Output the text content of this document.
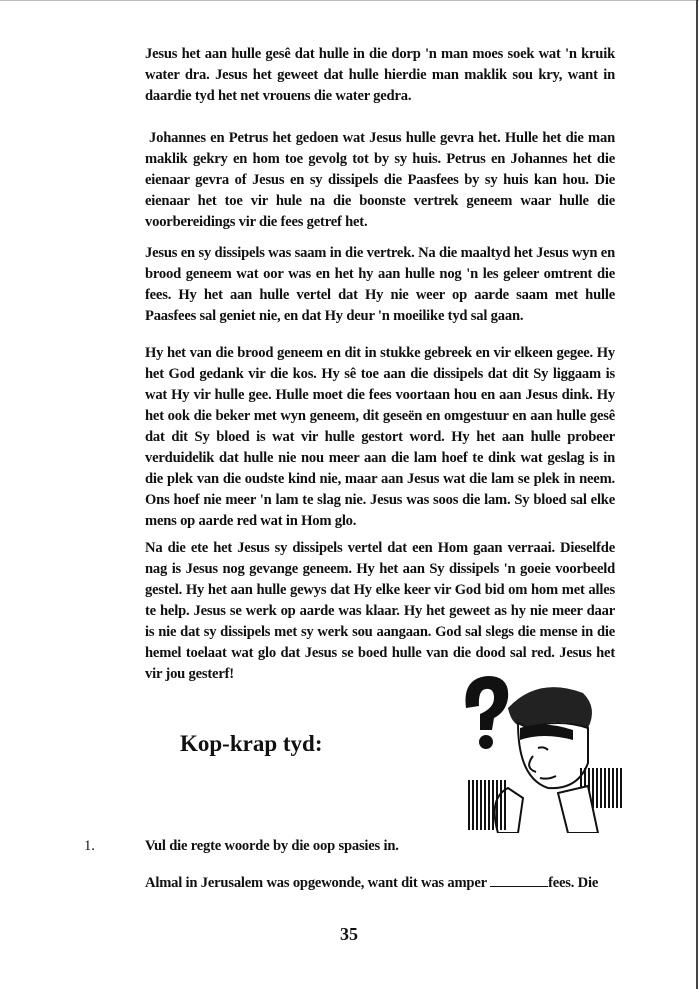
Jesus het aan hulle gesê dat hulle in die dorp 'n man moes soek wat 'n kruik water dra. Jesus het geweet dat hulle hierdie man maklik sou kry, want in daardie tyd het net vrouens die water gedra.

Johannes en Petrus het gedoen wat Jesus hulle gevra het. Hulle het die man maklik gekry en hom toe gevolg tot by sy huis. Petrus en Johannes het die eienaar gevra of Jesus en sy dissipels die Paasfees by sy huis kan hou. Die eienaar het toe vir hule na die boonste vertrek geneem waar hulle die voorbereidings vir die fees getref het.

Jesus en sy dissipels was saam in die vertrek. Na die maaltyd het Jesus wyn en brood geneem wat oor was en het hy aan hulle nog 'n les geleer omtrent die fees. Hy het aan hulle vertel dat Hy nie weer op aarde saam met hulle Paasfees sal geniet nie, en dat Hy deur 'n moeilike tyd sal gaan.

Hy het van die brood geneem en dit in stukke gebreek en vir elkeen gegee. Hy het God gedank vir die kos. Hy sê toe aan die dissipels dat dit Sy liggaam is wat Hy vir hulle gee. Hulle moet die fees voortaan hou en aan Jesus dink. Hy het ook die beker met wyn geneem, dit geseën en omgestuur en aan hulle gesê dat dit Sy bloed is wat vir hulle gestort word. Hy het aan hulle probeer verduidelik dat hulle nie nou meer aan die lam hoef te dink wat geslag is in die plek van die oudste kind nie, maar aan Jesus wat die lam se plek in neem. Ons hoef nie meer 'n lam te slag nie. Jesus was soos die lam. Sy bloed sal elke mens op aarde red wat in Hom glo.

Na die ete het Jesus sy dissipels vertel dat een Hom gaan verraai. Dieselfde nag is Jesus nog gevange geneem. Hy het aan Sy dissipels 'n goeie voorbeeld gestel. Hy het aan hulle gewys dat Hy elke keer vir God bid om hom met alles te help. Jesus se werk op aarde was klaar. Hy het geweet as hy nie meer daar is nie dat sy dissipels met sy werk sou aangaan. God sal slegs die mense in die hemel toelaat wat glo dat Jesus se boed hulle van die dood sal red. Jesus het vir jou gesterf!

Kop-krap tyd:
1.	Vul die regte woorde by die oop spasies in.
Almal in Jerusalem was opgewonde, want dit was amper	fees. Die
35
